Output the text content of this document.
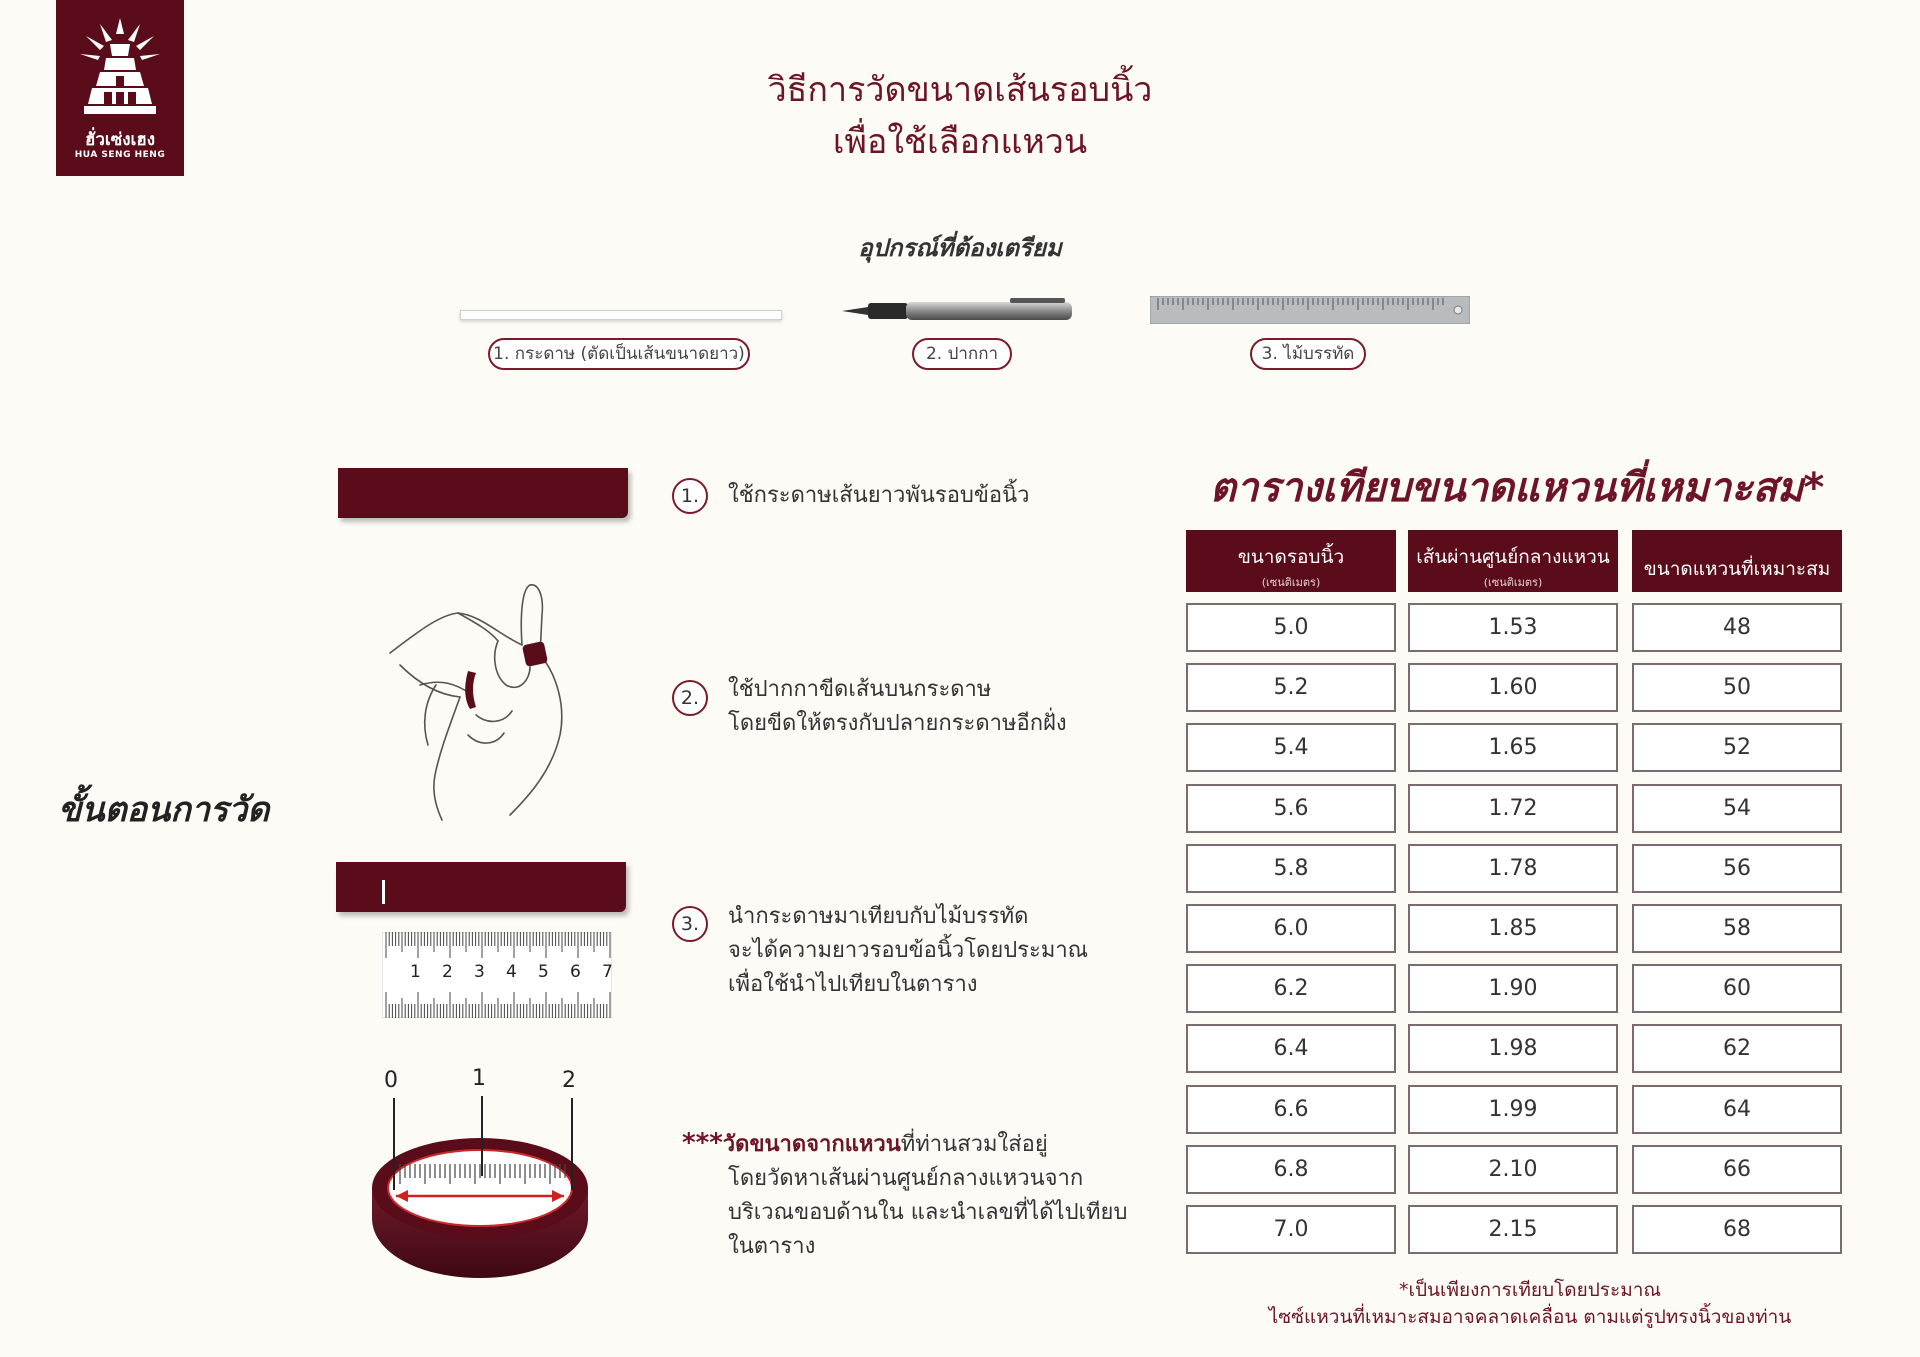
ฮั่วเซ่งเฮง
HUA SENG HENG
วิธีการวัดขนาดเส้นรอบนิ้ว
เพื่อใช้เลือกแหวน
อุปกรณ์ที่ต้องเตรียม
1. กระดาษ (ตัดเป็นเส้นขนาดยาว)	2. ปากกา	3. ไม้บรรทัด
ขั้นตอนการวัด
1 2 3 4 5 6 7
0	1	2
1.	ใช้กระดาษเส้นยาวพันรอบข้อนิ้ว
2.	ใช้ปากกาขีดเส้นบนกระดาษ
โดยขีดให้ตรงกับปลายกระดาษอีกฝั่ง
3.	นำกระดาษมาเทียบกับไม้บรรทัด
จะได้ความยาวรอบข้อนิ้วโดยประมาณ
เพื่อใช้นำไปเทียบในตาราง
***วัดขนาดจากแหวนที่ท่านสวมใส่อยู่
โดยวัดหาเส้นผ่านศูนย์กลางแหวนจาก
บริเวณขอบด้านใน และนำเลขที่ได้ไปเทียบ
ในตาราง
ตารางเทียบขนาดแหวนที่เหมาะสม*
ขนาดรอบนิ้ว
(เซนติเมตร)
เส้นผ่านศูนย์กลางแหวน
(เซนติเมตร)
ขนาดแหวนที่เหมาะสม
5.0	1.53	48
5.2	1.60	50
5.4	1.65	52
5.6	1.72	54
5.8	1.78	56
6.0	1.85	58
6.2	1.90	60
6.4	1.98	62
6.6	1.99	64
6.8	2.10	66
7.0	2.15	68
*เป็นเพียงการเทียบโดยประมาณ
ไซซ์แหวนที่เหมาะสมอาจคลาดเคลื่อน ตามแต่รูปทรงนิ้วของท่าน
